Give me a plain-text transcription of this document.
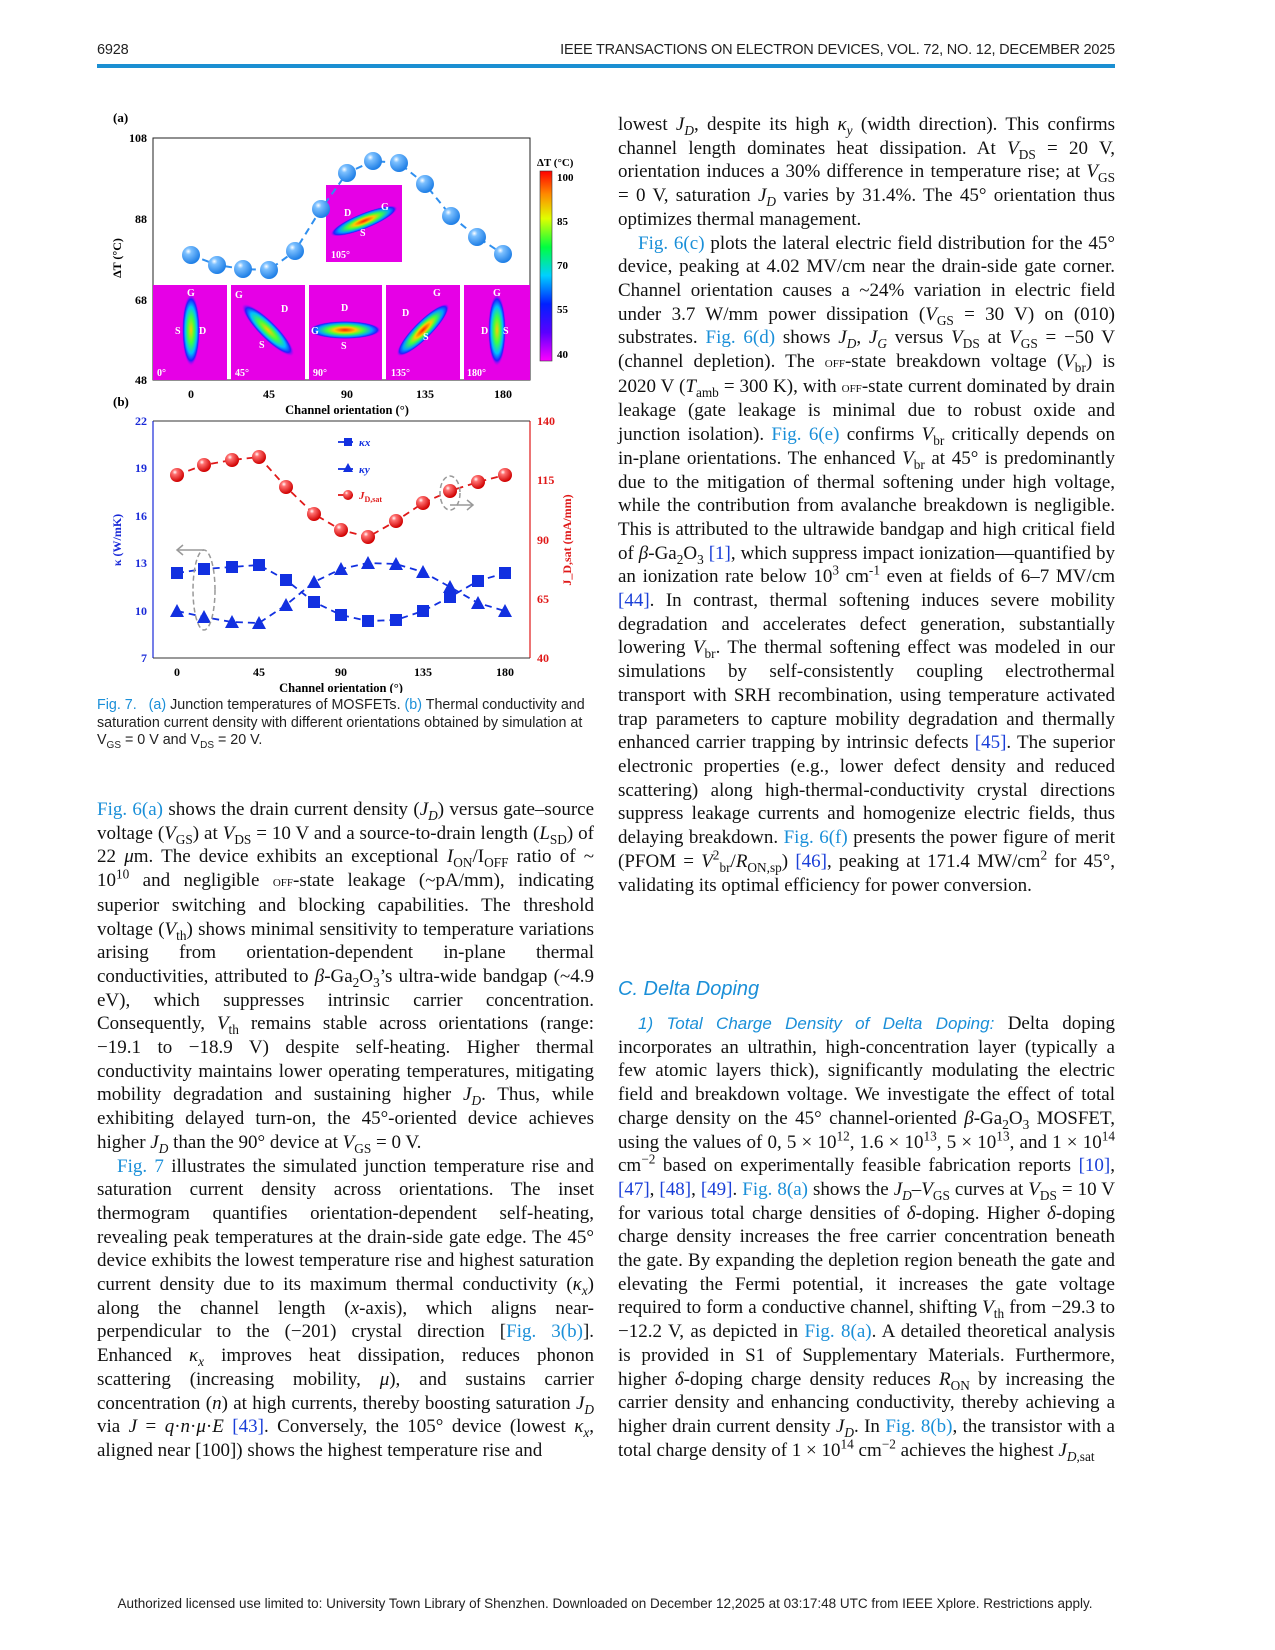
6928	IEEE TRANSACTIONS ON ELECTRON DEVICES, VOL. 72, NO. 12, DECEMBER 2025
(a)
108
88
68
48
ΔT (°C)
G
S D
0°
G
D
S
45°
D
G
S
90°
G
D
S
135°
G
D S
180°
D
G
S
105°
0	45	90	135	180
Channel orientation (°)
ΔT (°C)
100
85
70
55
40
(b)
22
19
16
13
10
7
κ (W/mK)
140
115
90
65
40
J_D,sat (mA/mm)
0	45	90	135	180
Channel orientation (°)
κx
κy
$J_{D,sat}$
Fig. 7. (a) Junction temperatures of MOSFETs. (b) Thermal conductivity and saturation current density with different orientations obtained by simulation at $V_{GS} = 0$ V and $V_{DS} = 20$ V.

Fig. 6(a) shows the drain current density $(J_D)$ versus gate–source voltage $(V_{GS})$ at $V_{DS} = 10$ V and a source-to-drain length $(L_{SD})$ of 22 μm. The device exhibits an exceptional $I_{ON}/I_{OFF}$ ratio of ~ $10^{10}$ and negligible off-state leakage (~pA/mm), indicating superior switching and blocking capabilities. The threshold voltage $(V_{th})$ shows minimal sensitivity to temperature variations arising from orientation-dependent in-plane thermal conductivities, attributed to $\beta-Ga_2O_3’s$ ultra-wide bandgap (~4.9 eV), which suppresses intrinsic carrier concentration. Consequently, $V_{th}$ remains stable across orientations (range: −19.1 to −18.9 V) despite self-heating. Higher thermal conductivity maintains lower operating temperatures, mitigating mobility degradation and sustaining higher $J_D$. Thus, while exhibiting delayed turn-on, the 45°-oriented device achieves higher $J_D$ than the 90° device at $V_{GS} = 0$ V.

Fig. 7 illustrates the simulated junction temperature rise and saturation current density across orientations. The inset thermogram quantifies orientation-dependent self-heating, revealing peak temperatures at the drain-side gate edge. The 45° device exhibits the lowest temperature rise and highest saturation current density due to its maximum thermal conductivity $(\kappa_x)$ along the channel length (x-axis), which aligns near-perpendicular to the (−201) crystal direction [Fig. 3(b)]. Enhanced $\kappa_x$ improves heat dissipation, reduces phonon scattering (increasing mobility, μ), and sustains carrier concentration (n) at high currents, thereby boosting saturation $J_D$ via J = q·n·μ·E [43]. Conversely, the 105° device (lowest $\kappa_x$, aligned near [100]) shows the highest temperature rise and

lowest $J_D$, despite its high $\kappa_y$ (width direction). This confirms channel length dominates heat dissipation. At $V_{DS} = 20$ V, orientation induces a 30% difference in temperature rise; at $V_{GS} = 0$ V, saturation $J_D$ varies by 31.4%. The 45° orientation thus optimizes thermal management.

Fig. 6(c) plots the lateral electric field distribution for the 45° device, peaking at 4.02 MV/cm near the drain-side gate corner. Channel orientation causes a ~24% variation in electric field under 3.7 W/mm power dissipation ($V_{GS} = 30$ V) on (010) substrates. Fig. 6(d) shows $J_D$, $J_G$ versus $V_{DS}$ at $V_{GS} = -50$ V (channel depletion). The off-state breakdown voltage $(V_{br})$ is 2020 V ($T_{amb} = 300$ K), with off-state current dominated by drain leakage (gate leakage is minimal due to robust oxide and junction isolation). Fig. 6(e) confirms $V_{br}$ critically depends on in-plane orientations. The enhanced $V_{br}$ at 45° is predominantly due to the mitigation of thermal softening under high voltage, while the contribution from avalanche breakdown is negligible. This is attributed to the ultrawide bandgap and high critical field of $\beta-Ga_2O_3$ [1], which suppress impact ionization—quantified by an ionization rate below $10^3$ $cm^{-1}$ even at fields of 6–7 MV/cm [44]. In contrast, thermal softening induces severe mobility degradation and accelerates defect generation, substantially lowering $V_{br}$. The thermal softening effect was modeled in our simulations by self-consistently coupling electrothermal transport with SRH recombination, using temperature activated trap parameters to capture mobility degradation and thermally enhanced carrier trapping by intrinsic defects [45]. The superior electronic properties (e.g., lower defect density and reduced scattering) along high-thermal-conductivity crystal directions suppress leakage currents and homogenize electric fields, thus delaying breakdown. Fig. 6(f) presents the power figure of merit (PFOM = $V^2_{br}/R_{ON,sp}$) [46], peaking at 171.4 $MW/cm^2$ for 45°, validating its optimal efficiency for power conversion.

C. Delta Doping

1) Total Charge Density of Delta Doping: Delta doping incorporates an ultrathin, high-concentration layer (typically a few atomic layers thick), significantly modulating the electric field and breakdown voltage. We investigate the effect of total charge density on the 45° channel-oriented $\beta-Ga_2O_3$ MOSFET, using the values of 0, $5 \times 10^{12}$, $1.6 \times 10^{13}$, $5 \times 10^{13}$, and $1 \times 10^{14}$ $cm^{-2}$ based on experimentally feasible fabrication reports [10], [47], [48], [49]. Fig. 8(a) shows the $J_D-V_{GS}$ curves at $V_{DS} = 10$ V for various total charge densities of δ-doping. Higher δ-doping charge density increases the free carrier concentration beneath the gate. By expanding the depletion region beneath the gate and elevating the Fermi potential, it increases the gate voltage required to form a conductive channel, shifting $V_{th}$ from −29.3 to −12.2 V, as depicted in Fig. 8(a). A detailed theoretical analysis is provided in S1 of Supplementary Materials. Furthermore, higher δ-doping charge density reduces $R_{ON}$ by increasing the carrier density and enhancing conductivity, thereby achieving a higher drain current density $J_D$. In Fig. 8(b), the transistor with a total charge density of $1 \times 10^{14}$ $cm^{-2}$ achieves the highest $J_{D,sat}$

Authorized licensed use limited to: University Town Library of Shenzhen. Downloaded on December 12,2025 at 03:17:48 UTC from IEEE Xplore. Restrictions apply.
